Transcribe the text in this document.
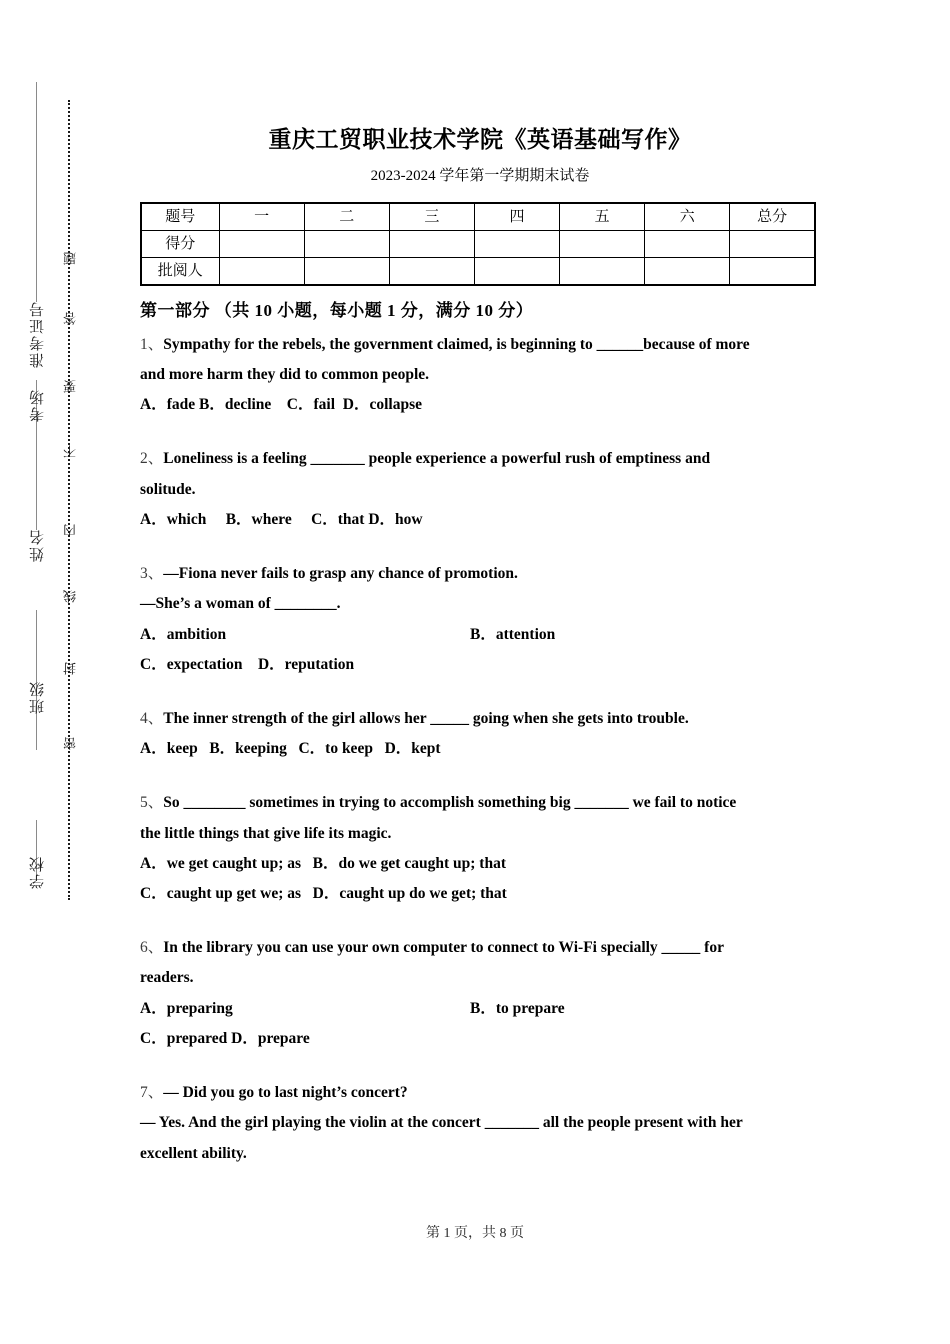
准考证号
考场
姓名
班级
学校
题
答
要
不
内
线
封
密
重庆工贸职业技术学院《英语基础写作》
2023-2024 学年第一学期期末试卷
题号	一	二	三	四	五	六	总分
得分							
批阅人							
第一部分 （共 10 小题，每小题 1 分，满分 10 分）
1、Sympathy for the rebels, the government claimed, is beginning to ______because of more
and more harm they did to common people.
A．fade B．decline    C．fail  D．collapse
2、Loneliness is a feeling _______ people experience a powerful rush of emptiness and
solitude.
A．which     B．where     C．that D．how
3、—Fiona never fails to grasp any chance of promotion.
—She’s a woman of ________.
A．ambition	B．attention
C．expectation    D．reputation
4、The inner strength of the girl allows her _____ going when she gets into trouble.
A．keep   B．keeping   C．to keep   D．kept
5、So ________ sometimes in trying to accomplish something big _______ we fail to notice
the little things that give life its magic.
A．we get caught up; as   B．do we get caught up; that
C．caught up get we; as   D．caught up do we get; that
6、In the library you can use your own computer to connect to Wi-Fi specially _____ for
readers.
A．preparing	B．to prepare
C．prepared D．prepare
7、— Did you go to last night’s concert?
— Yes. And the girl playing the violin at the concert _______ all the people present with her
excellent ability.
第 1 页，共 8 页
